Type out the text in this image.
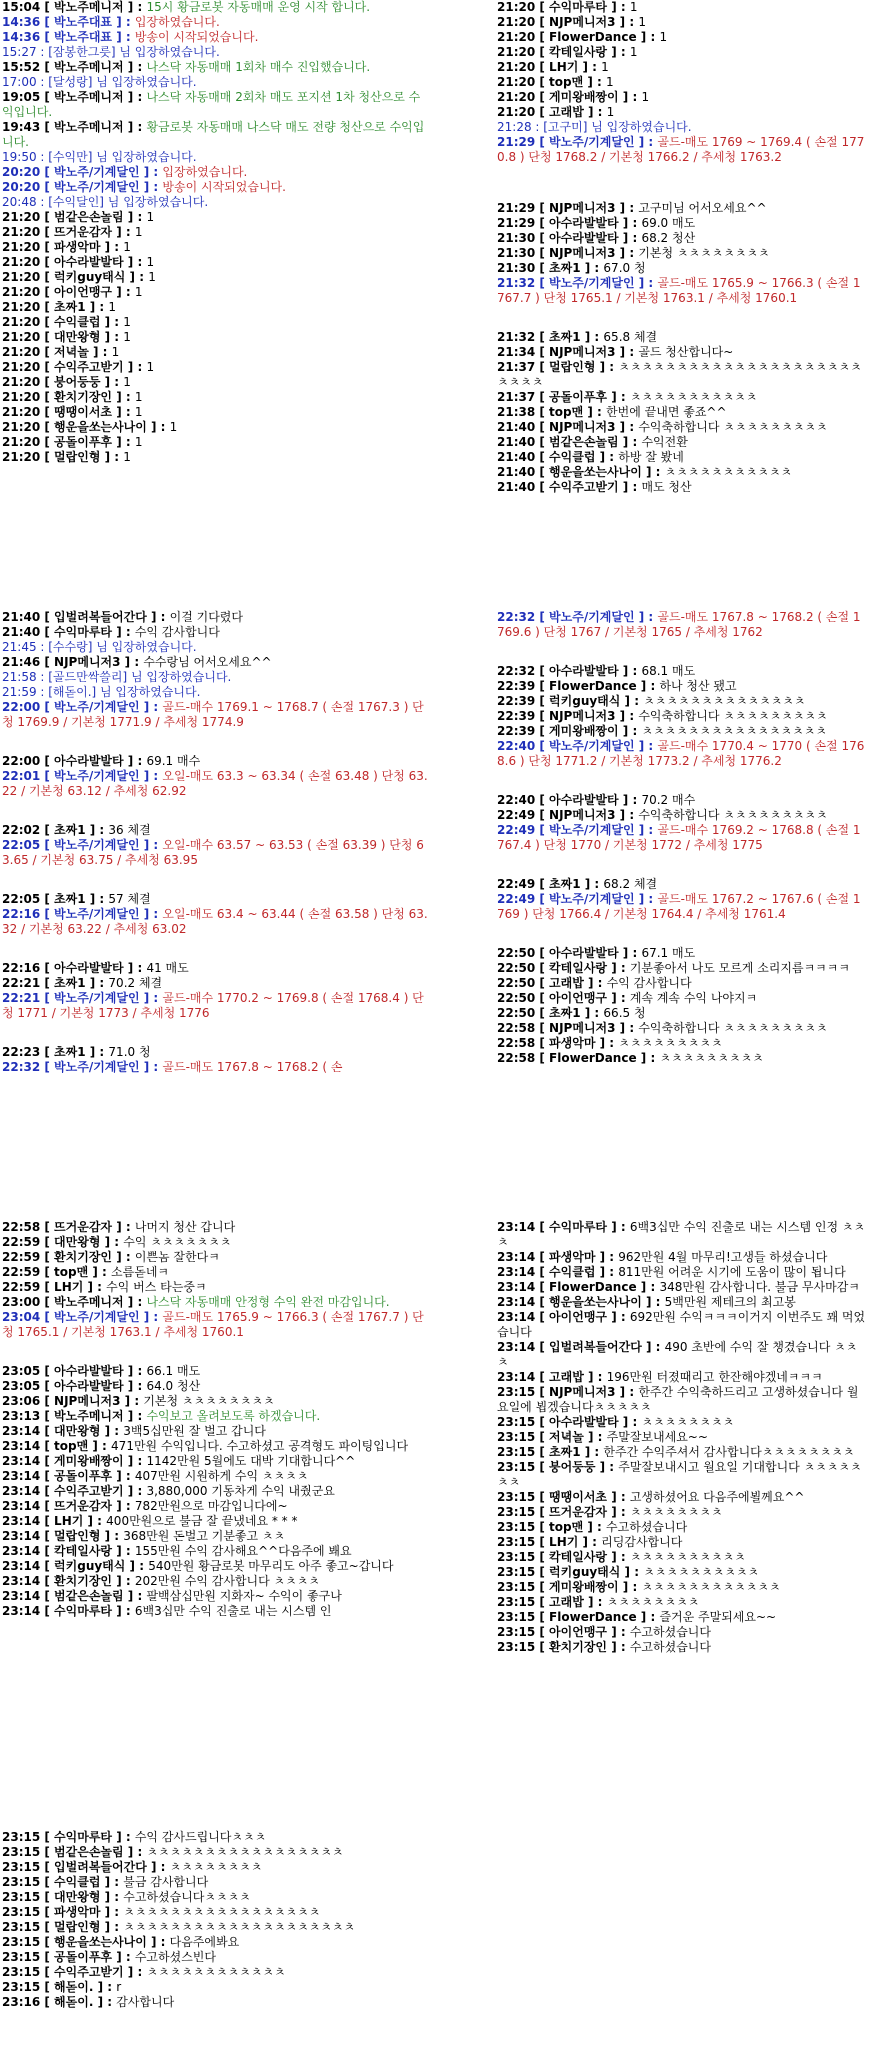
15:04 [ 박노주메니저 ] : 15시 황금로봇 자동매매 운영 시작 합니다.
14:36 [ 박노주대표 ] : 입장하였습니다.
14:36 [ 박노주대표 ] : 방송이 시작되었습니다.
15:27 : [잠봉한그릇] 님 입장하였습니다.
15:52 [ 박노주메니저 ] : 나스닥 자동매매 1회차 매수 진입했습니다.
17:00 : [달성랑] 님 입장하였습니다.
19:05 [ 박노주메니저 ] : 나스닥 자동매매 2회차 매도 포지션 1차 청산으로 수익입니다.
19:43 [ 박노주메니저 ] : 황금로봇 자동매매 나스닥 매도 전량 청산으로 수익입니다.
19:50 : [수익만] 님 입장하였습니다.
20:20 [ 박노주/기계달인 ] : 입장하였습니다.
20:20 [ 박노주/기계달인 ] : 방송이 시작되었습니다.
20:48 : [수익달인] 님 입장하였습니다.
21:20 [ 범같은손놀림 ] : 1
21:20 [ 뜨거운감자 ] : 1
21:20 [ 파생악마 ] : 1
21:20 [ 아수라발발타 ] : 1
21:20 [ 럭키guy태식 ] : 1
21:20 [ 아이언맹구 ] : 1
21:20 [ 초짜1 ] : 1
21:20 [ 수익클럽 ] : 1
21:20 [ 대만왕형 ] : 1
21:20 [ 저녁놀 ] : 1
21:20 [ 수익주고받기 ] : 1
21:20 [ 붕어둥둥 ] : 1
21:20 [ 환치기장인 ] : 1
21:20 [ 땡땡이서초 ] : 1
21:20 [ 행운을쏘는사나이 ] : 1
21:20 [ 공돌이푸후 ] : 1
21:20 [ 멀랍인형 ] : 1
21:20 [ 수익마루타 ] : 1
21:20 [ NJP메니저3 ] : 1
21:20 [ FlowerDance ] : 1
21:20 [ 칵테일사랑 ] : 1
21:20 [ LH기 ] : 1
21:20 [ top맨 ] : 1
21:20 [ 게미왕배짱이 ] : 1
21:20 [ 고래밥 ] : 1
21:28 : [고구미] 님 입장하였습니다.
21:29 [ 박노주/기계달인 ] : 골드-매도 1769 ~ 1769.4 ( 손절 1770.8 ) 단청 1768.2 / 기본청 1766.2 / 추세청 1763.2
21:29 [ NJP메니저3 ] : 고구미님 어서오세요^^
21:29 [ 아수라발발타 ] : 69.0 매도
21:30 [ 아수라발발타 ] : 68.2 청산
21:30 [ NJP메니저3 ] : 기본청 ㅊㅊㅊㅊㅊㅊㅊㅊ
21:30 [ 초짜1 ] : 67.0 청
21:32 [ 박노주/기계달인 ] : 골드-매도 1765.9 ~ 1766.3 ( 손절 1767.7 ) 단청 1765.1 / 기본청 1763.1 / 추세청 1760.1
21:32 [ 초짜1 ] : 65.8 체결
21:34 [ NJP메니저3 ] : 골드 청산합니다~
21:37 [ 멀랍인형 ] : ㅊㅊㅊㅊㅊㅊㅊㅊㅊㅊㅊㅊㅊㅊㅊㅊㅊㅊㅊㅊㅊㅊㅊㅊㅊ
21:37 [ 공돌이푸후 ] : ㅊㅊㅊㅊㅊㅊㅊㅊㅊㅊㅊ
21:38 [ top맨 ] : 한번에 끝내면 좋죠^^
21:40 [ NJP메니저3 ] : 수익축하합니다 ㅊㅊㅊㅊㅊㅊㅊㅊㅊ
21:40 [ 범같은손놀림 ] : 수익전환
21:40 [ 수익클럽 ] : 하방 잘 봤네
21:40 [ 행운을쏘는사나이 ] : ㅊㅊㅊㅊㅊㅊㅊㅊㅊㅊㅊ
21:40 [ 수익주고받기 ] : 매도 청산
21:40 [ 입벌려복들어간다 ] : 이걸 기다렸다
21:40 [ 수익마루타 ] : 수익 감사합니다
21:45 : [수수랑] 님 입장하였습니다.
21:46 [ NJP메니저3 ] : 수수랑님 어서오세요^^
21:58 : [골드만싹쓸리] 님 입장하였습니다.
21:59 : [해돋이.] 님 입장하였습니다.
22:00 [ 박노주/기계달인 ] : 골드-매수 1769.1 ~ 1768.7 ( 손절 1767.3 ) 단청 1769.9 / 기본청 1771.9 / 추세청 1774.9
22:00 [ 아수라발발타 ] : 69.1 매수
22:01 [ 박노주/기계달인 ] : 오일-매도 63.3 ~ 63.34 ( 손절 63.48 ) 단청 63.22 / 기본청 63.12 / 추세청 62.92
22:02 [ 초짜1 ] : 36 체결
22:05 [ 박노주/기계달인 ] : 오일-매수 63.57 ~ 63.53 ( 손절 63.39 ) 단청 63.65 / 기본청 63.75 / 추세청 63.95
22:05 [ 초짜1 ] : 57 체결
22:16 [ 박노주/기계달인 ] : 오일-매도 63.4 ~ 63.44 ( 손절 63.58 ) 단청 63.32 / 기본청 63.22 / 추세청 63.02
22:16 [ 아수라발발타 ] : 41 매도
22:21 [ 초짜1 ] : 70.2 체결
22:21 [ 박노주/기계달인 ] : 골드-매수 1770.2 ~ 1769.8 ( 손절 1768.4 ) 단청 1771 / 기본청 1773 / 추세청 1776
22:23 [ 초짜1 ] : 71.0 청
22:32 [ 박노주/기계달인 ] : 골드-매도 1767.8 ~ 1768.2 ( 손
22:32 [ 박노주/기계달인 ] : 골드-매도 1767.8 ~ 1768.2 ( 손절 1769.6 ) 단청 1767 / 기본청 1765 / 추세청 1762
22:32 [ 아수라발발타 ] : 68.1 매도
22:39 [ FlowerDance ] : 하나 청산 됐고
22:39 [ 럭키guy태식 ] : ㅊㅊㅊㅊㅊㅊㅊㅊㅊㅊㅊㅊㅊㅊ
22:39 [ NJP메니저3 ] : 수익축하합니다 ㅊㅊㅊㅊㅊㅊㅊㅊㅊ
22:39 [ 게미왕배짱이 ] : ㅊㅊㅊㅊㅊㅊㅊㅊㅊㅊㅊㅊㅊㅊㅊㅊ
22:40 [ 박노주/기계달인 ] : 골드-매수 1770.4 ~ 1770 ( 손절 1768.6 ) 단청 1771.2 / 기본청 1773.2 / 추세청 1776.2
22:40 [ 아수라발발타 ] : 70.2 매수
22:49 [ NJP메니저3 ] : 수익축하합니다 ㅊㅊㅊㅊㅊㅊㅊㅊㅊ
22:49 [ 박노주/기계달인 ] : 골드-매수 1769.2 ~ 1768.8 ( 손절 1767.4 ) 단청 1770 / 기본청 1772 / 추세청 1775
22:49 [ 초짜1 ] : 68.2 체결
22:49 [ 박노주/기계달인 ] : 골드-매도 1767.2 ~ 1767.6 ( 손절 1769 ) 단청 1766.4 / 기본청 1764.4 / 추세청 1761.4
22:50 [ 아수라발발타 ] : 67.1 매도
22:50 [ 칵테일사랑 ] : 기분좋아서 나도 모르게 소리지름ㅋㅋㅋㅋ
22:50 [ 고래밥 ] : 수익 감사합니다
22:50 [ 아이언맹구 ] : 계속 계속 수익 나야지ㅋ
22:50 [ 초짜1 ] : 66.5 청
22:58 [ NJP메니저3 ] : 수익축하합니다 ㅊㅊㅊㅊㅊㅊㅊㅊㅊ
22:58 [ 파생악마 ] : ㅊㅊㅊㅊㅊㅊㅊㅊㅊ
22:58 [ FlowerDance ] : ㅊㅊㅊㅊㅊㅊㅊㅊㅊ
22:58 [ 뜨거운감자 ] : 나머지 청산 갑니다
22:59 [ 대만왕형 ] : 수익 ㅊㅊㅊㅊㅊㅊㅊ
22:59 [ 환치기장인 ] : 이쁜놈 잘한다ㅋ
22:59 [ top맨 ] : 소름돋네ㅋ
22:59 [ LH기 ] : 수익 버스 타는중ㅋ
23:00 [ 박노주메니저 ] : 나스닥 자동매매 안정형 수익 완전 마감입니다.
23:04 [ 박노주/기계달인 ] : 골드-매도 1765.9 ~ 1766.3 ( 손절 1767.7 ) 단청 1765.1 / 기본청 1763.1 / 추세청 1760.1
23:05 [ 아수라발발타 ] : 66.1 매도
23:05 [ 아수라발발타 ] : 64.0 청산
23:06 [ NJP메니저3 ] : 기본청 ㅊㅊㅊㅊㅊㅊㅊㅊ
23:13 [ 박노주메니저 ] : 수익보고 올려보도록 하겠습니다.
23:14 [ 대만왕형 ] : 3백5십만원 잘 벌고 갑니다
23:14 [ top맨 ] : 471만원 수익입니다. 수고하셨고 공격형도 파이팅입니다
23:14 [ 게미왕배짱이 ] : 1142만원 5월에도 대박 기대합니다^^
23:14 [ 공돌이푸후 ] : 407만원 시원하게 수익 ㅊㅊㅊㅊ
23:14 [ 수익주고받기 ] : 3,880,000 기동차게 수익 내줬군요
23:14 [ 뜨거운감자 ] : 782만원으로 마감입니다에~
23:14 [ LH기 ] : 400만원으로 불금 잘 끝냈네요 * * *
23:14 [ 멀랍인형 ] : 368만원 돈벌고 기분좋고 ㅊㅊ
23:14 [ 칵테일사랑 ] : 155만원 수익 감사해요^^다음주에 봬요
23:14 [ 럭키guy태식 ] : 540만원 황금로봇 마무리도 아주 좋고~갑니다
23:14 [ 환치기장인 ] : 202만원 수익 감사합니다 ㅊㅊㅊㅊ
23:14 [ 범같은손놀림 ] : 팔백삼십만원 지화자~ 수익이 좋구나
23:14 [ 수익마루타 ] : 6백3십만 수익 진출로 내는 시스템 인
23:14 [ 수익마루타 ] : 6백3십만 수익 진출로 내는 시스템 인정 ㅊㅊㅊ
23:14 [ 파생악마 ] : 962만원 4월 마무리!고생들 하셨습니다
23:14 [ 수익클럽 ] : 811만원 어려운 시기에 도움이 많이 됩니다
23:14 [ FlowerDance ] : 348만원 감사합니다. 불금 무사마감ㅋ
23:14 [ 행운을쏘는사나이 ] : 5백만원 제테크의 최고봉
23:14 [ 아이언맹구 ] : 692만원 수익ㅋㅋㅋ이거지 이번주도 꽤 먹었습니다
23:14 [ 입벌려복들어간다 ] : 490 초반에 수익 잘 챙겼습니다 ㅊㅊㅊ
23:14 [ 고래밥 ] : 196만원 터졌때리고 한잔해야겠네ㅋㅋㅋ
23:15 [ NJP메니저3 ] : 한주간 수익축하드리고 고생하셨습니다 월요일에 뵙겠습니다ㅊㅊㅊㅊㅊ
23:15 [ 아수라발발타 ] : ㅊㅊㅊㅊㅊㅊㅊㅊ
23:15 [ 저녁놀 ] : 주말잘보내세요~~
23:15 [ 초짜1 ] : 한주간 수익주셔서 감사합니다ㅊㅊㅊㅊㅊㅊㅊㅊ
23:15 [ 붕어둥둥 ] : 주말잘보내시고 월요일 기대합니다 ㅊㅊㅊㅊㅊㅊㅊ
23:15 [ 땡땡이서초 ] : 고생하셨어요 다음주에뵐께요^^
23:15 [ 뜨거운감자 ] : ㅊㅊㅊㅊㅊㅊㅊㅊ
23:15 [ top맨 ] : 수고하셨습니다
23:15 [ LH기 ] : 리딩감사합니다
23:15 [ 칵테일사랑 ] : ㅊㅊㅊㅊㅊㅊㅊㅊㅊㅊ
23:15 [ 럭키guy태식 ] : ㅊㅊㅊㅊㅊㅊㅊㅊㅊㅊ
23:15 [ 게미왕배짱이 ] : ㅊㅊㅊㅊㅊㅊㅊㅊㅊㅊㅊㅊ
23:15 [ 고래밥 ] : ㅊㅊㅊㅊㅊㅊㅊㅊ
23:15 [ FlowerDance ] : 즐거운 주말되세요~~
23:15 [ 아이언맹구 ] : 수고하셨습니다
23:15 [ 환치기장인 ] : 수고하셨습니다
23:15 [ 수익마루타 ] : 수익 감사드립니다ㅊㅊㅊ
23:15 [ 범같은손놀림 ] : ㅊㅊㅊㅊㅊㅊㅊㅊㅊㅊㅊㅊㅊㅊㅊㅊㅊ
23:15 [ 입벌려복들어간다 ] : ㅊㅊㅊㅊㅊㅊㅊㅊ
23:15 [ 수익클럽 ] : 불금 감사합니다
23:15 [ 대만왕형 ] : 수고하셨습니다ㅊㅊㅊㅊ
23:15 [ 파생악마 ] : ㅊㅊㅊㅊㅊㅊㅊㅊㅊㅊㅊㅊㅊㅊㅊㅊㅊ
23:15 [ 멀랍인형 ] : ㅊㅊㅊㅊㅊㅊㅊㅊㅊㅊㅊㅊㅊㅊㅊㅊㅊㅊㅊㅊ
23:15 [ 행운을쏘는사나이 ] : 다음주에봐요
23:15 [ 공돌이푸후 ] : 수고하셨스빈다
23:15 [ 수익주고받기 ] : ㅊㅊㅊㅊㅊㅊㅊㅊㅊㅊㅊㅊ
23:15 [ 해돋이. ] : r
23:16 [ 해돋이. ] : 감사합니다
